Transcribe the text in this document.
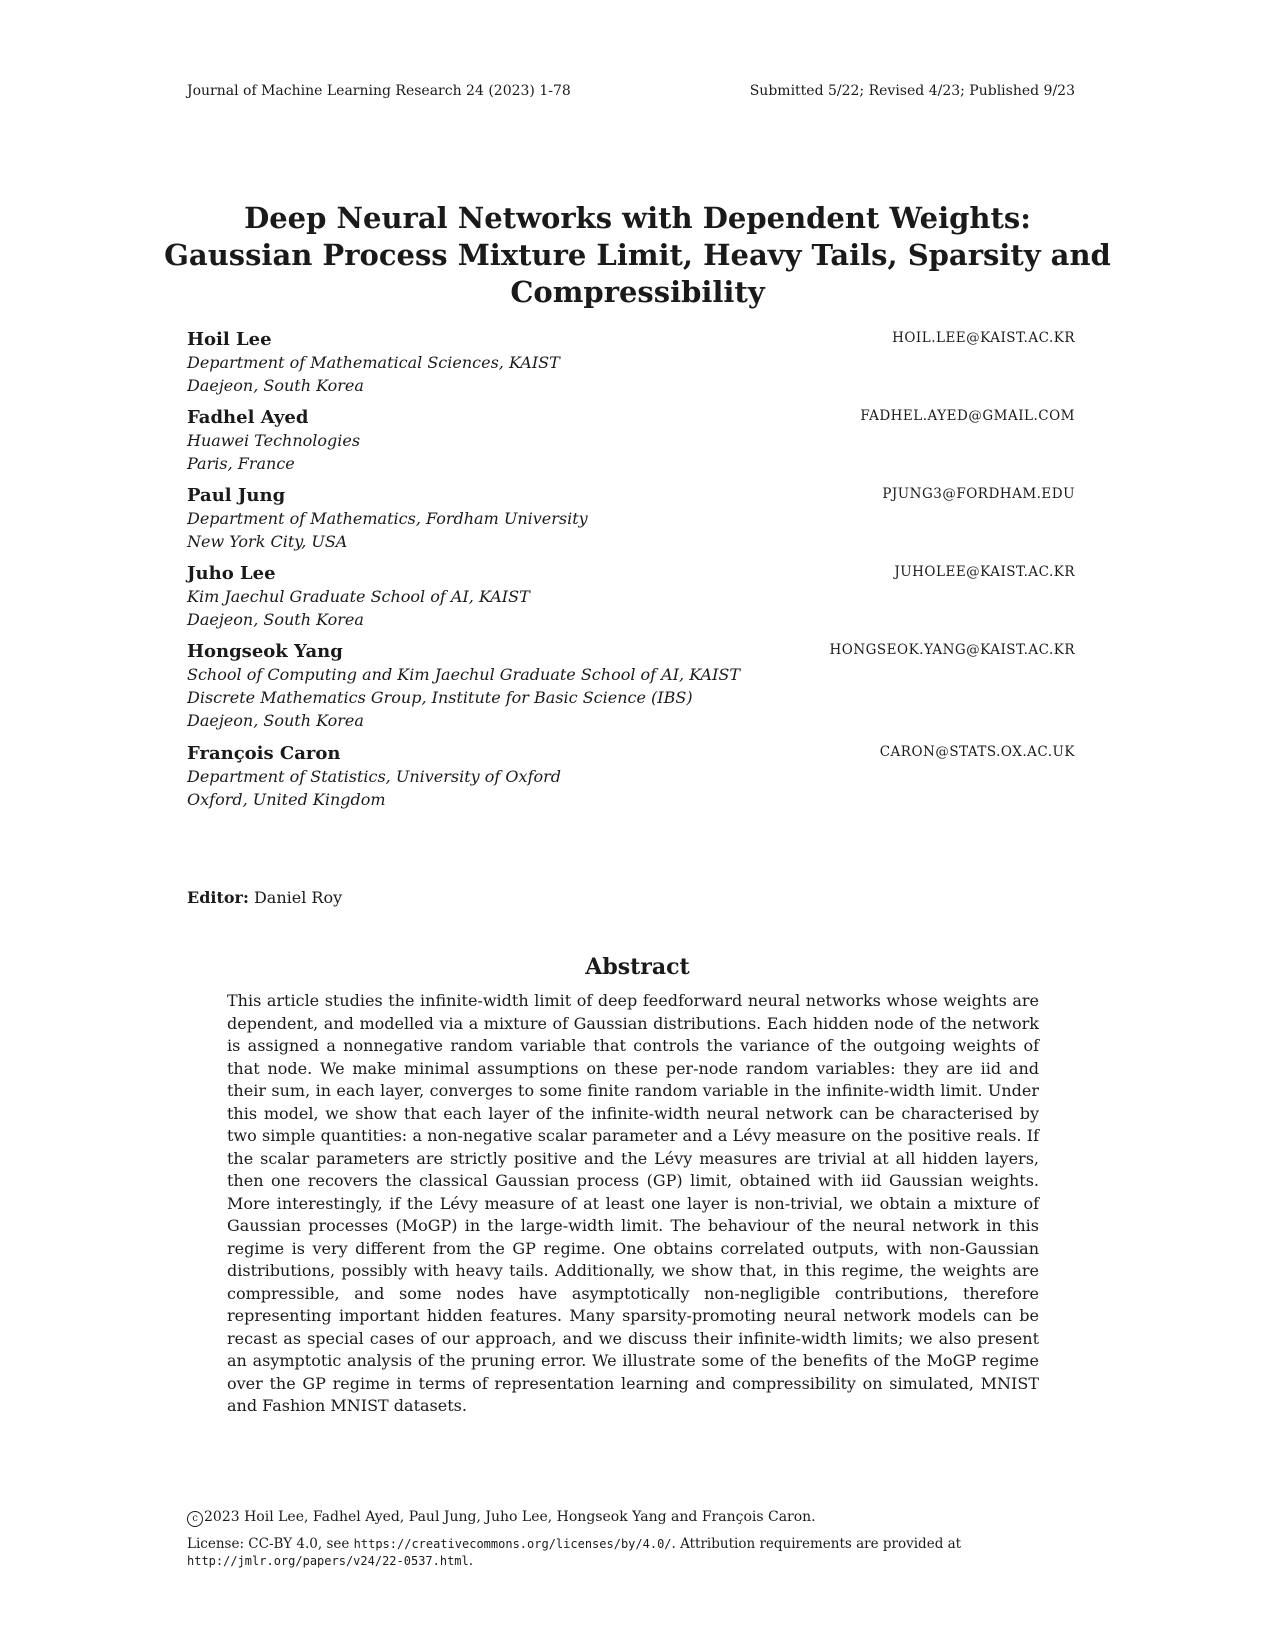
Journal of Machine Learning Research 24 (2023) 1-78	Submitted 5/22; Revised 4/23; Published 9/23
Deep Neural Networks with Dependent Weights:
Gaussian Process Mixture Limit, Heavy Tails, Sparsity and
Compressibility
Hoil Lee	HOIL.LEE@KAIST.AC.KR
Department of Mathematical Sciences, KAIST
Daejeon, South Korea
Fadhel Ayed	FADHEL.AYED@GMAIL.COM
Huawei Technologies
Paris, France
Paul Jung	PJUNG3@FORDHAM.EDU
Department of Mathematics, Fordham University
New York City, USA
Juho Lee	JUHOLEE@KAIST.AC.KR
Kim Jaechul Graduate School of AI, KAIST
Daejeon, South Korea
Hongseok Yang	HONGSEOK.YANG@KAIST.AC.KR
School of Computing and Kim Jaechul Graduate School of AI, KAIST
Discrete Mathematics Group, Institute for Basic Science (IBS)
Daejeon, South Korea
François Caron	CARON@STATS.OX.AC.UK
Department of Statistics, University of Oxford
Oxford, United Kingdom
Editor: Daniel Roy
Abstract
This article studies the infinite-width limit of deep feedforward neural networks whose weights are dependent, and modelled via a mixture of Gaussian distributions. Each hidden node of the network is assigned a nonnegative random variable that controls the variance of the outgoing weights of that node. We make minimal assumptions on these per-node random variables: they are iid and their sum, in each layer, converges to some finite random variable in the infinite-width limit. Under this model, we show that each layer of the infinite-width neural network can be characterised by two simple quantities: a non-negative scalar parameter and a Lévy measure on the positive reals. If the scalar parameters are strictly positive and the Lévy measures are trivial at all hidden layers, then one recovers the classical Gaussian process (GP) limit, obtained with iid Gaussian weights. More interestingly, if the Lévy measure of at least one layer is non-trivial, we obtain a mixture of Gaussian processes (MoGP) in the large-width limit. The behaviour of the neural network in this regime is very different from the GP regime. One obtains correlated outputs, with non-Gaussian distributions, possibly with heavy tails. Additionally, we show that, in this regime, the weights are compressible, and some nodes have asymptotically non-negligible contributions, therefore representing important hidden features. Many sparsity-promoting neural network models can be recast as special cases of our approach, and we discuss their infinite-width limits; we also present an asymptotic analysis of the pruning error. We illustrate some of the benefits of the MoGP regime over the GP regime in terms of representation learning and compressibility on simulated, MNIST and Fashion MNIST datasets.
c 2023 Hoil Lee, Fadhel Ayed, Paul Jung, Juho Lee, Hongseok Yang and François Caron.
License: CC-BY 4.0, see https://creativecommons.org/licenses/by/4.0/. Attribution requirements are provided at
http://jmlr.org/papers/v24/22-0537.html.
